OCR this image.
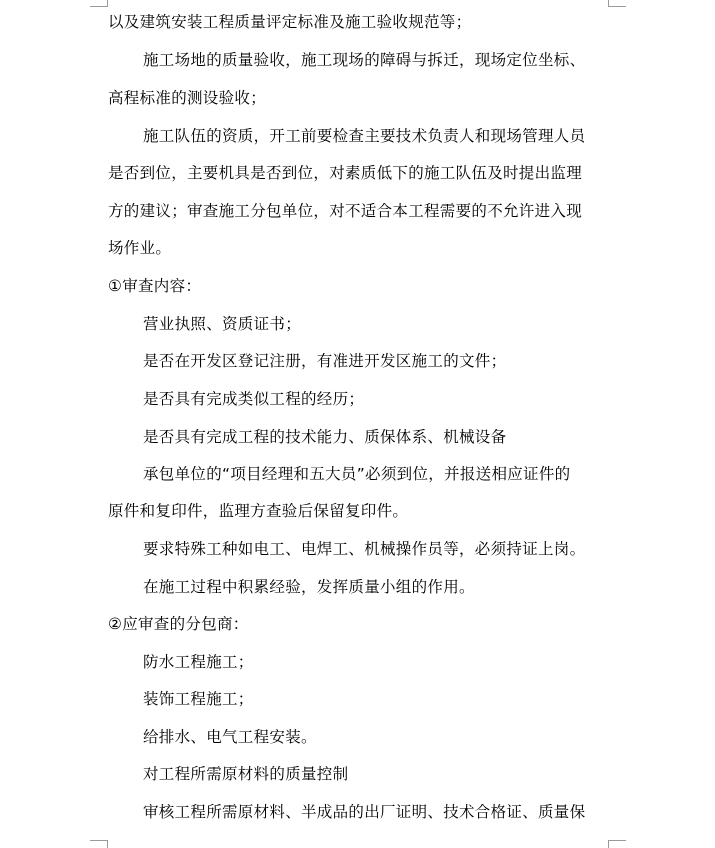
以及建筑安装工程质量评定标准及施工验收规范等；
施工场地的质量验收，施工现场的障碍与拆迁，现场定位坐标、
高程标准的测设验收；
施工队伍的资质，开工前要检查主要技术负责人和现场管理人员
是否到位，主要机具是否到位，对素质低下的施工队伍及时提出监理
方的建议；审查施工分包单位，对不适合本工程需要的不允许进入现
场作业。
①审查内容：
营业执照、资质证书；
是否在开发区登记注册，有准进开发区施工的文件；
是否具有完成类似工程的经历；
是否具有完成工程的技术能力、质保体系、机械设备
承包单位的“项目经理和五大员”必须到位，并报送相应证件的
原件和复印件，监理方查验后保留复印件。
要求特殊工种如电工、电焊工、机械操作员等，必须持证上岗。
在施工过程中积累经验，发挥质量小组的作用。
②应审查的分包商：
防水工程施工；
装饰工程施工；
给排水、电气工程安装。
对工程所需原材料的质量控制
审核工程所需原材料、半成品的出厂证明、技术合格证、质量保
